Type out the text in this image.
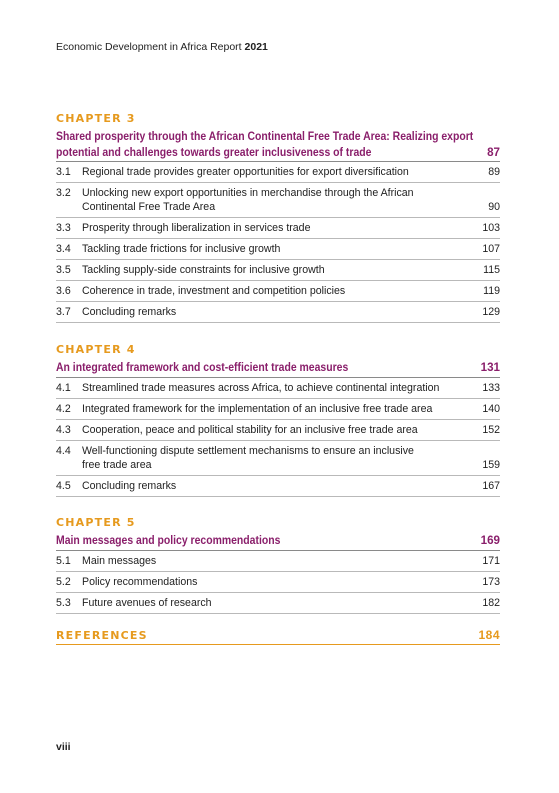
Economic Development in Africa Report 2021
CHAPTER 3
Shared prosperity through the African Continental Free Trade Area: Realizing export potential and challenges towards greater inclusiveness of trade	87
3.1	Regional trade provides greater opportunities for export diversification	89
3.2	Unlocking new export opportunities in merchandise through the African Continental Free Trade Area	90
3.3	Prosperity through liberalization in services trade	103
3.4	Tackling trade frictions for inclusive growth	107
3.5	Tackling supply-side constraints for inclusive growth	115
3.6	Coherence in trade, investment and competition policies	119
3.7	Concluding remarks	129
CHAPTER 4
An integrated framework and cost-efficient trade measures	131
4.1	Streamlined trade measures across Africa, to achieve continental integration	133
4.2	Integrated framework for the implementation of an inclusive free trade area	140
4.3	Cooperation, peace and political stability for an inclusive free trade area	152
4.4	Well-functioning dispute settlement mechanisms to ensure an inclusive free trade area	159
4.5	Concluding remarks	167
CHAPTER 5
Main messages and policy recommendations	169
5.1	Main messages	171
5.2	Policy recommendations	173
5.3	Future avenues of research	182
REFERENCES	184
viii
